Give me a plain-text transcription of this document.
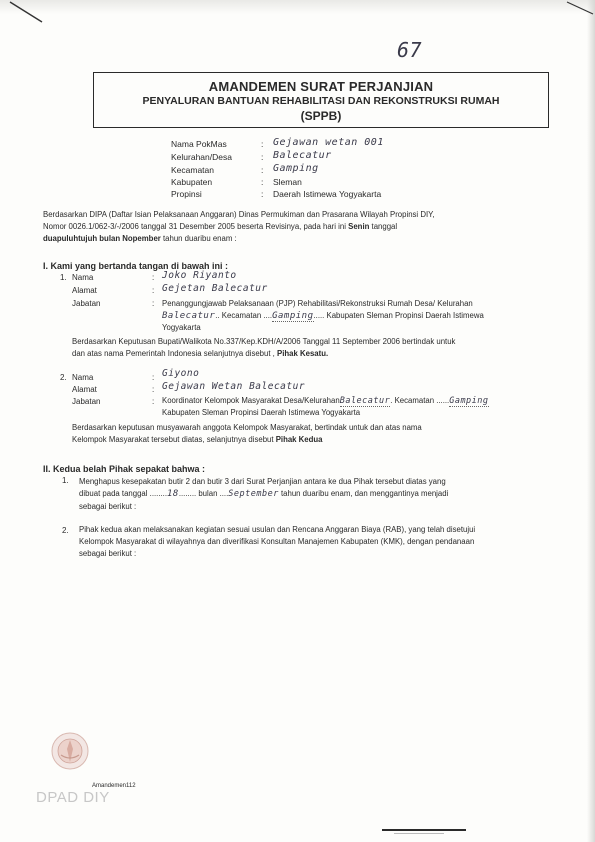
67
AMANDEMEN SURAT PERJANJIAN
PENYALURAN BANTUAN REHABILITASI DAN REKONSTRUKSI RUMAH
(SPPB)
Nama PokMas	: Gejawan wetan 001
Kelurahan/Desa	: Balecatur
Kecamatan	: Gamping
Kabupaten	: Sleman
Propinsi	: Daerah Istimewa Yogyakarta
Berdasarkan DIPA (Daftar Isian Pelaksanaan Anggaran) Dinas Permukiman dan Prasarana Wilayah Propinsi DIY,
Nomor 0026.1/062-3/-/2006 tanggal 31 Desember 2005 beserta Revisinya, pada hari ini Senin tanggal
duapuluhtujuh bulan Nopember tahun duaribu enam :
I. Kami yang bertanda tangan di bawah ini :
1. Nama	: Joko Riyanto
Alamat	: Gejetan Balecatur
Jabatan	: Penanggungjawab Pelaksanaan (PJP) Rehabilitasi/Rekonstruksi Rumah Desa/ Kelurahan
Balecatur.. Kecamatan ....Gamping..... Kabupaten Sleman Propinsi Daerah Istimewa
Yogyakarta
Berdasarkan Keputusan Bupati/Walikota No.337/Kep.KDH/A/2006 Tanggal 11 September 2006 bertindak untuk
dan atas nama Pemerintah Indonesia selanjutnya disebut , Pihak Kesatu.
2. Nama	: Giyono
Alamat	: Gejawan Wetan Balecatur
Jabatan	: Koordinator Kelompok Masyarakat Desa/KelurahanBalecatur. Kecamatan ......Gamping
Kabupaten Sleman Propinsi Daerah Istimewa Yogyakarta
Berdasarkan keputusan musyawarah anggota Kelompok Masyarakat, bertindak untuk dan atas nama
Kelompok Masyarakat tersebut diatas, selanjutnya disebut Pihak Kedua
II. Kedua belah Pihak sepakat bahwa :
1. Menghapus kesepakatan butir 2 dan butir 3 dari Surat Perjanjian antara ke dua Pihak tersebut diatas yang
dibuat pada tanggal ........18........ bulan ....September tahun duaribu enam, dan menggantinya menjadi
sebagai berikut :
2. Pihak kedua akan melaksanakan kegiatan sesuai usulan dan Rencana Anggaran Biaya (RAB), yang telah disetujui
Kelompok Masyarakat di wilayahnya dan diverifikasi Konsultan Manajemen Kabupaten (KMK), dengan pendanaan
sebagai berikut :
Amandemen112
DPAD DIY
